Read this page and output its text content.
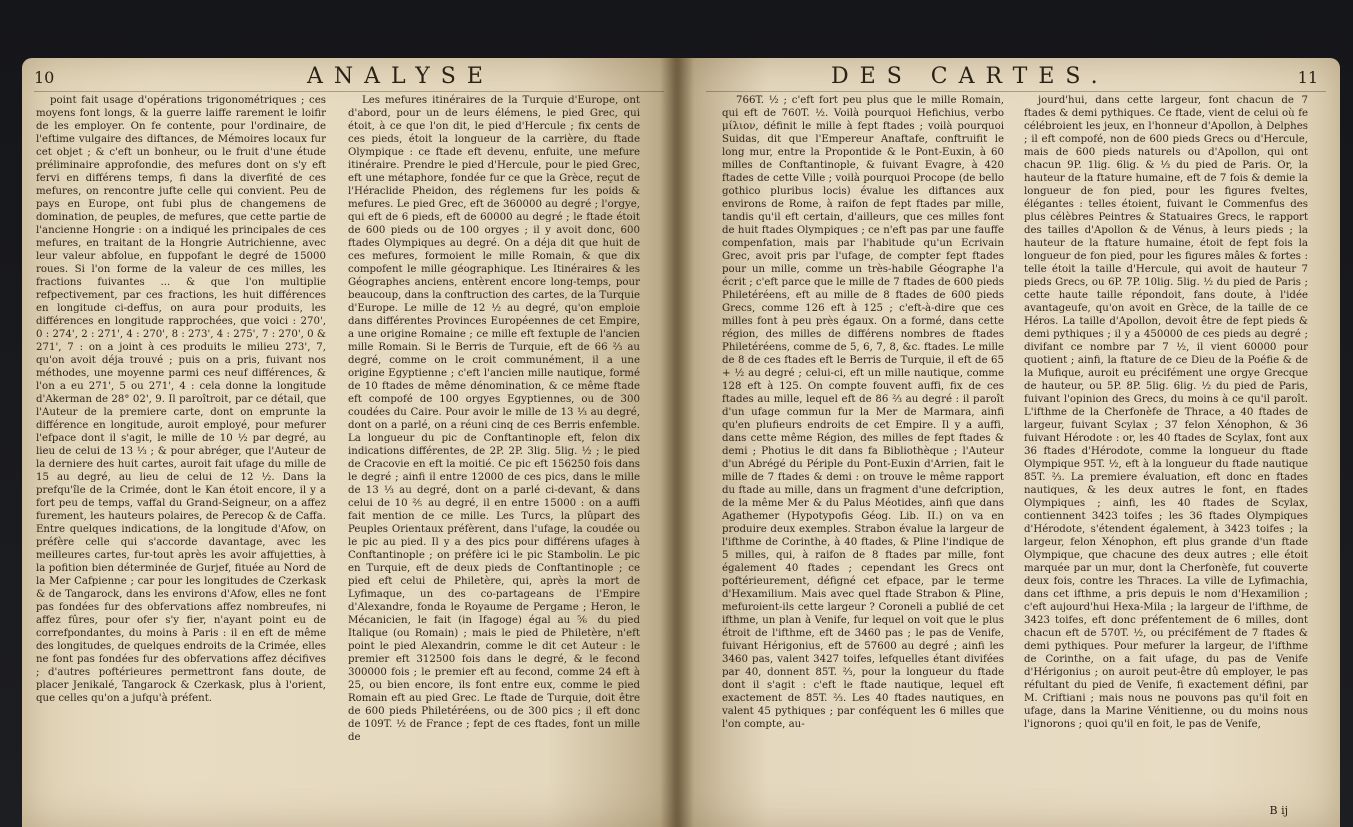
10	ANALYSE

point fait usage d'opérations trigonométriques ; ces moyens font longs, & la guerre laiffe rarement le loifir de les employer. On fe contente, pour l'ordinaire, de l'eftime vulgaire des diftances, de Mémoires locaux fur cet objet ; & c'eft un bonheur, ou le fruit d'une étude préliminaire approfondie, des mefures dont on s'y eft fervi en différens temps, fi dans la diverfité de ces mefures, on rencontre jufte celle qui convient. Peu de pays en Europe, ont fubi plus de changemens de domination, de peuples, de mefures, que cette partie de l'ancienne Hongrie : on a indiqué les principales de ces mefures, en traitant de la Hongrie Autrichienne, avec leur valeur abfolue, en fuppofant le degré de 15000 roues. Si l'on forme de la valeur de ces milles, les fractions fuivantes ... & que l'on multiplie refpectivement, par ces fractions, les huit différences en longitude ci-deffus, on aura pour produits, les différences en longitude rapprochées, que voici : 270', 0 : 274', 2 : 271', 4 : 270', 8 : 273', 4 : 275', 7 : 270', 0 & 271', 7 : on a joint à ces produits le milieu 273', 7, qu'on avoit déja trouvé ; puis on a pris, fuivant nos méthodes, une moyenne parmi ces neuf différences, & l'on a eu 271', 5 ou 271', 4 : cela donne la longitude d'Akerman de 28° 02', 9. Il paroîtroit, par ce détail, que l'Auteur de la premiere carte, dont on emprunte la différence en longitude, auroit employé, pour mefurer l'efpace dont il s'agit, le mille de 10 ½ par degré, au lieu de celui de 13 ⅓ ; & pour abréger, que l'Auteur de la derniere des huit cartes, auroit fait ufage du mille de 15 au degré, au lieu de celui de 12 ½. Dans la prefqu'île de la Crimée, dont le Kan étoit encore, il y a fort peu de temps, vaffal du Grand-Seigneur, on a affez furement, les hauteurs polaires, de Perecop & de Caffa. Entre quelques indications, de la longitude d'Afow, on préfère celle qui s'accorde davantage, avec les meilleures cartes, fur-tout après les avoir affujetties, à la pofition bien déterminée de Gurjef, fituée au Nord de la Mer Cafpienne ; car pour les longitudes de Czerkask & de Tangarock, dans les environs d'Afow, elles ne font pas fondées fur des obfervations affez nombreufes, ni affez fûres, pour ofer s'y fier, n'ayant point eu de correfpondantes, du moins à Paris : il en eft de même des longitudes, de quelques endroits de la Crimée, elles ne font pas fondées fur des obfervations affez décifives ; d'autres poftérieures permettront fans doute, de placer Jenikalé, Tangarock & Czerkask, plus à l'orient, que celles qu'on a jufqu'à préfent.

Les mefures itinéraires de la Turquie d'Europe, ont d'abord, pour un de leurs élémens, le pied Grec, qui étoit, à ce que l'on dit, le pied d'Hercule ; fix cents de ces pieds, étoit la longueur de la carrière, du ftade Olympique : ce ftade eft devenu, enfuite, une mefure itinéraire. Prendre le pied d'Hercule, pour le pied Grec, eft une métaphore, fondée fur ce que la Grèce, reçut de l'Héraclide Pheidon, des réglemens fur les poids & mefures. Le pied Grec, eft de 360000 au degré ; l'orgye, qui eft de 6 pieds, eft de 60000 au degré ; le ftade étoit de 600 pieds ou de 100 orgyes ; il y avoit donc, 600 ftades Olympiques au degré. On a déja dit que huit de ces mefures, formoient le mille Romain, & que dix compofent le mille géographique. Les Itinéraires & les Géographes anciens, entèrent encore long-temps, pour beaucoup, dans la conftruction des cartes, de la Turquie d'Europe. Le mille de 12 ½ au degré, qu'on emploie dans différentes Provinces Européennes de cet Empire, a une origine Romaine ; ce mille eft fextuple de l'ancien mille Romain. Si le Berris de Turquie, eft de 66 ⅔ au degré, comme on le croit communément, il a une origine Egyptienne ; c'eft l'ancien mille nautique, formé de 10 ftades de même dénomination, & ce même ftade eft compofé de 100 orgyes Egyptiennes, ou de 300 coudées du Caire. Pour avoir le mille de 13 ⅓ au degré, dont on a parlé, on a réuni cinq de ces Berris enfemble. La longueur du pic de Conftantinople eft, felon dix indications différentes, de 2P. 2P. 3lig. 5lig. ½ ; le pied de Cracovie en eft la moitié. Ce pic eft 156250 fois dans le degré ; ainfi il entre 12000 de ces pics, dans le mille de 13 ⅓ au degré, dont on a parlé ci-devant, & dans celui de 10 ⅖ au degré, il en entre 15000 : on a auffi fait mention de ce mille. Les Turcs, la plûpart des Peuples Orientaux préfèrent, dans l'ufage, la coudée ou le pic au pied. Il y a des pics pour différens ufages à Conftantinople ; on préfère ici le pic Stambolin. Le pic en Turquie, eft de deux pieds de Conftantinople ; ce pied eft celui de Philetère, qui, après la mort de Lyfimaque, un des co-partageans de l'Empire d'Alexandre, fonda le Royaume de Pergame ; Heron, le Mécanicien, le fait (in Ifagoge) égal au ⅚ du pied Italique (ou Romain) ; mais le pied de Philetère, n'eft point le pied Alexandrin, comme le dit cet Auteur : le premier eft 312500 fois dans le degré, & le fecond 300000 fois ; le premier eft au fecond, comme 24 eft à 25, ou bien encore, ils font entre eux, comme le pied Romain eft au pied Grec. Le ftade de Turquie, doit être de 600 pieds Philetéréens, ou de 300 pics ; il eft donc de 109T. ½ de France ; fept de ces ftades, font un mille de

DES CARTES.	11

766T. ½ ; c'eft fort peu plus que le mille Romain, qui eft de 760T. ½. Voilà pourquoi Hefichius, verbo μίλιον, définit le mille à fept ftades ; voilà pourquoi Suidas, dit que l'Empereur Anaftafe, conftruifit le long mur, entre la Propontide & le Pont-Euxin, à 60 milles de Conftantinople, & fuivant Evagre, à 420 ftades de cette Ville ; voilà pourquoi Procope (de bello gothico pluribus locis) évalue les diftances aux environs de Rome, à raifon de fept ftades par mille, tandis qu'il eft certain, d'ailleurs, que ces milles font de huit ftades Olympiques ; ce n'eft pas par une fauffe compenfation, mais par l'habitude qu'un Ecrivain Grec, avoit pris par l'ufage, de compter fept ftades pour un mille, comme un très-habile Géographe l'a écrit ; c'eft parce que le mille de 7 ftades de 600 pieds Philetéréens, eft au mille de 8 ftades de 600 pieds Grecs, comme 126 eft à 125 ; c'eft-à-dire que ces milles font à peu près égaux. On a formé, dans cette région, des milles de différens nombres de ftades Philetéréens, comme de 5, 6, 7, 8, &c. ftades. Le mille de 8 de ces ftades eft le Berris de Turquie, il eft de 65 + ½ au degré ; celui-ci, eft un mille nautique, comme 128 eft à 125. On compte fouvent auffi, fix de ces ftades au mille, lequel eft de 86 ⅔ au degré : il paroît d'un ufage commun fur la Mer de Marmara, ainfi qu'en plufieurs endroits de cet Empire. Il y a auffi, dans cette même Région, des milles de fept ftades & demi ; Photius le dit dans fa Bibliothèque ; l'Auteur d'un Abrégé du Périple du Pont-Euxin d'Arrien, fait le mille de 7 ftades & demi : on trouve le même rapport du ftade au mille, dans un fragment d'une defcription, de la même Mer & du Palus Méotides, ainfi que dans Agathemer (Hypotypofis Géog. Lib. II.) on va en produire deux exemples. Strabon évalue la largeur de l'ifthme de Corinthe, à 40 ftades, & Pline l'indique de 5 milles, qui, à raifon de 8 ftades par mille, font également 40 ftades ; cependant les Grecs ont poftérieurement, défigné cet efpace, par le terme d'Hexamilium. Mais avec quel ftade Strabon & Pline, mefuroient-ils cette largeur ? Coroneli a publié de cet ifthme, un plan à Venife, fur lequel on voit que le plus étroit de l'ifthme, eft de 3460 pas ; le pas de Venife, fuivant Hérigonius, eft de 57600 au degré ; ainfi les 3460 pas, valent 3427 toifes, lefquelles étant divifées par 40, donnent 85T. ⅔, pour la longueur du ftade dont il s'agit : c'eft le ftade nautique, lequel eft exactement de 85T. ⅔. Les 40 ftades nautiques, en valent 45 pythiques ; par conféquent les 6 milles que l'on compte, au-

jourd'hui, dans cette largeur, font chacun de 7 ftades & demi pythiques. Ce ftade, vient de celui où fe célébroient les jeux, en l'honneur d'Apollon, à Delphes ; il eft compofé, non de 600 pieds Grecs ou d'Hercule, mais de 600 pieds naturels ou d'Apollon, qui ont chacun 9P. 1lig. 6lig. & ⅓ du pied de Paris. Or, la hauteur de la ftature humaine, eft de 7 fois & demie la longueur de fon pied, pour les figures fveltes, élégantes : telles étoient, fuivant le Commenfus des plus célèbres Peintres & Statuaires Grecs, le rapport des tailles d'Apollon & de Vénus, à leurs pieds ; la hauteur de la ftature humaine, étoit de fept fois la longueur de fon pied, pour les figures mâles & fortes : telle étoit la taille d'Hercule, qui avoit de hauteur 7 pieds Grecs, ou 6P. 7P. 10lig. 5lig. ½ du pied de Paris ; cette haute taille répondoit, fans doute, à l'idée avantageufe, qu'on avoit en Grèce, de la taille de ce Héros. La taille d'Apollon, devoit être de fept pieds & demi pythiques ; il y a 450000 de ces pieds au degré ; divifant ce nombre par 7 ½, il vient 60000 pour quotient ; ainfi, la ftature de ce Dieu de la Poéfie & de la Mufique, auroit eu précifément une orgye Grecque de hauteur, ou 5P. 8P. 5lig. 6lig. ½ du pied de Paris, fuivant l'opinion des Grecs, du moins à ce qu'il paroît. L'ifthme de la Cherfonèfe de Thrace, a 40 ftades de largeur, fuivant Scylax ; 37 felon Xénophon, & 36 fuivant Hérodote : or, les 40 ftades de Scylax, font aux 36 ftades d'Hérodote, comme la longueur du ftade Olympique 95T. ½, eft à la longueur du ftade nautique 85T. ⅔. La premiere évaluation, eft donc en ftades nautiques, & les deux autres le font, en ftades Olympiques ; ainfi, les 40 ftades de Scylax, contiennent 3423 toifes ; les 36 ftades Olympiques d'Hérodote, s'étendent également, à 3423 toifes ; la largeur, felon Xénophon, eft plus grande d'un ftade Olympique, que chacune des deux autres ; elle étoit marquée par un mur, dont la Cherfonèfe, fut couverte deux fois, contre les Thraces. La ville de Lyfimachia, dans cet ifthme, a pris depuis le nom d'Hexamilion ; c'eft aujourd'hui Hexa-Mila ; la largeur de l'ifthme, de 3423 toifes, eft donc préfentement de 6 milles, dont chacun eft de 570T. ½, ou précifément de 7 ftades & demi pythiques. Pour mefurer la largeur, de l'ifthme de Corinthe, on a fait ufage, du pas de Venife d'Hérigonius ; on auroit peut-être dû employer, le pas réfultant du pied de Venife, fi exactement défini, par M. Criftiani ; mais nous ne pouvons pas qu'il foit en ufage, dans la Marine Vénitienne, ou du moins nous l'ignorons ; quoi qu'il en foit, le pas de Venife,

B ij
